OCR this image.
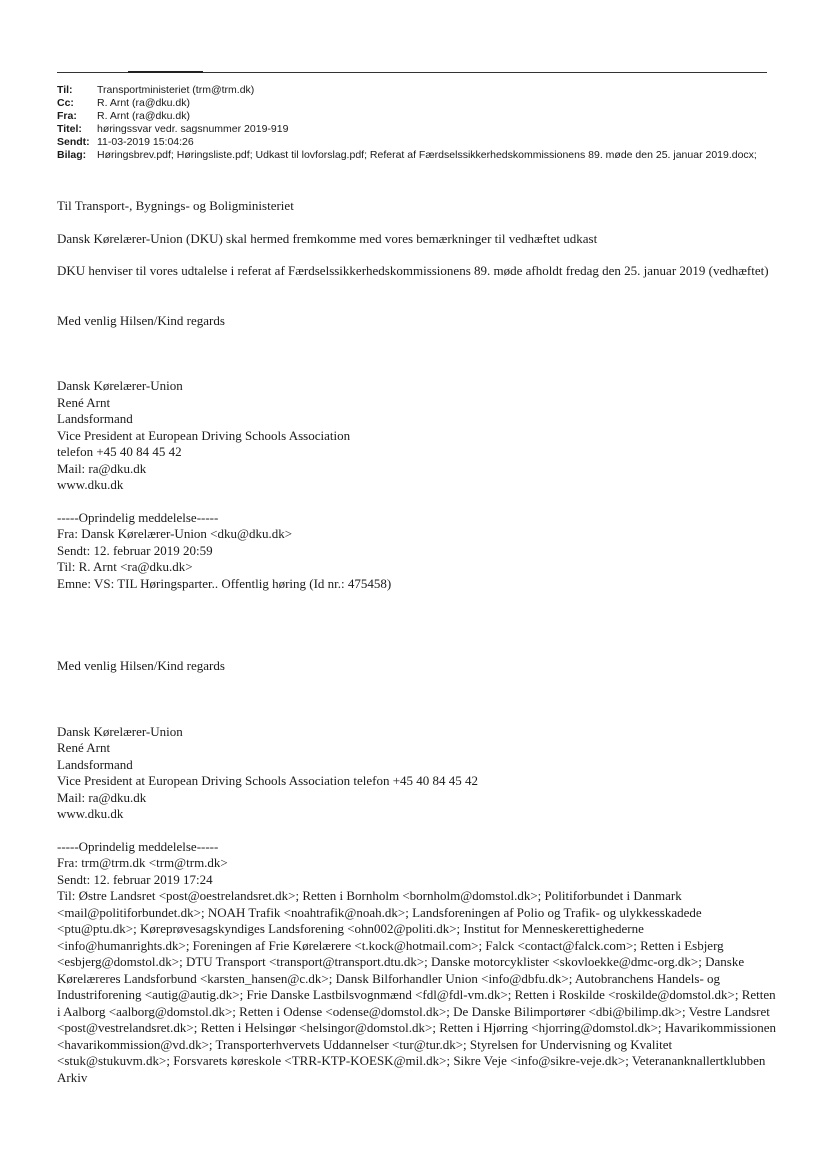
Til:	Transportministeriet (trm@trm.dk)
Cc:	R. Arnt (ra@dku.dk)
Fra:	R. Arnt (ra@dku.dk)
Titel:	høringssvar vedr. sagsnummer 2019-919
Sendt: 11-03-2019 15:04:26
Bilag:	Høringsbrev.pdf; Høringsliste.pdf; Udkast til lovforslag.pdf; Referat af Færdselssikkerhedskommissionens 89. møde den 25. januar 2019.docx;

Til Transport-, Bygnings- og Boligministeriet

Dansk Kørelærer-Union (DKU) skal hermed fremkomme med vores bemærkninger til vedhæftet udkast

DKU henviser til vores udtalelse i referat af Færdselssikkerhedskommissionens 89. møde afholdt fredag den 25. januar 2019 (vedhæftet)

Med venlig Hilsen/Kind regards

Dansk Kørelærer-Union

René Arnt

Landsformand

Vice President at European Driving Schools Association

telefon +45 40 84 45 42

Mail: ra@dku.dk

www.dku.dk

-----Oprindelig meddelelse-----

Fra: Dansk Kørelærer-Union <dku@dku.dk>

Sendt: 12. februar 2019 20:59

Til: R. Arnt <ra@dku.dk>

Emne: VS: TIL Høringsparter.. Offentlig høring (Id nr.: 475458)

Med venlig Hilsen/Kind regards

Dansk Kørelærer-Union

René Arnt

Landsformand

Vice President at European Driving Schools Association telefon +45 40 84 45 42

Mail: ra@dku.dk

www.dku.dk

-----Oprindelig meddelelse-----

Fra: trm@trm.dk <trm@trm.dk>

Sendt: 12. februar 2019 17:24

Til: Østre Landsret <post@oestrelandsret.dk>; Retten i Bornholm <bornholm@domstol.dk>; Politiforbundet i Danmark <mail@politiforbundet.dk>; NOAH Trafik <noahtrafik@noah.dk>; Landsforeningen af Polio og Trafik- og ulykkesskadede <ptu@ptu.dk>; Køreprøvesagskyndiges Landsforening <ohn002@politi.dk>; Institut for Menneskerettighederne <info@humanrights.dk>; Foreningen af Frie Kørelærere <t.kock@hotmail.com>; Falck <contact@falck.com>; Retten i Esbjerg <esbjerg@domstol.dk>; DTU Transport <transport@transport.dtu.dk>; Danske motorcyklister <skovloekke@dmc-org.dk>; Danske Kørelæreres Landsforbund <karsten_hansen@c.dk>; Dansk Bilforhandler Union <info@dbfu.dk>; Autobranchens Handels- og Industriforening <autig@autig.dk>; Frie Danske Lastbilsvognmænd <fdl@fdl-vm.dk>; Retten i Roskilde <roskilde@domstol.dk>; Retten i Aalborg <aalborg@domstol.dk>; Retten i Odense <odense@domstol.dk>; De Danske Bilimportører <dbi@bilimp.dk>; Vestre Landsret <post@vestrelandsret.dk>; Retten i Helsingør <helsingor@domstol.dk>; Retten i Hjørring <hjorring@domstol.dk>; Havarikommissionen <havarikommission@vd.dk>; Transporterhvervets Uddannelser <tur@tur.dk>; Styrelsen for Undervisning og Kvalitet <stuk@stukuvm.dk>; Forsvarets køreskole <TRR-KTP-KOESK@mil.dk>; Sikre Veje <info@sikre-veje.dk>; Veterananknallertklubben Arkiv
